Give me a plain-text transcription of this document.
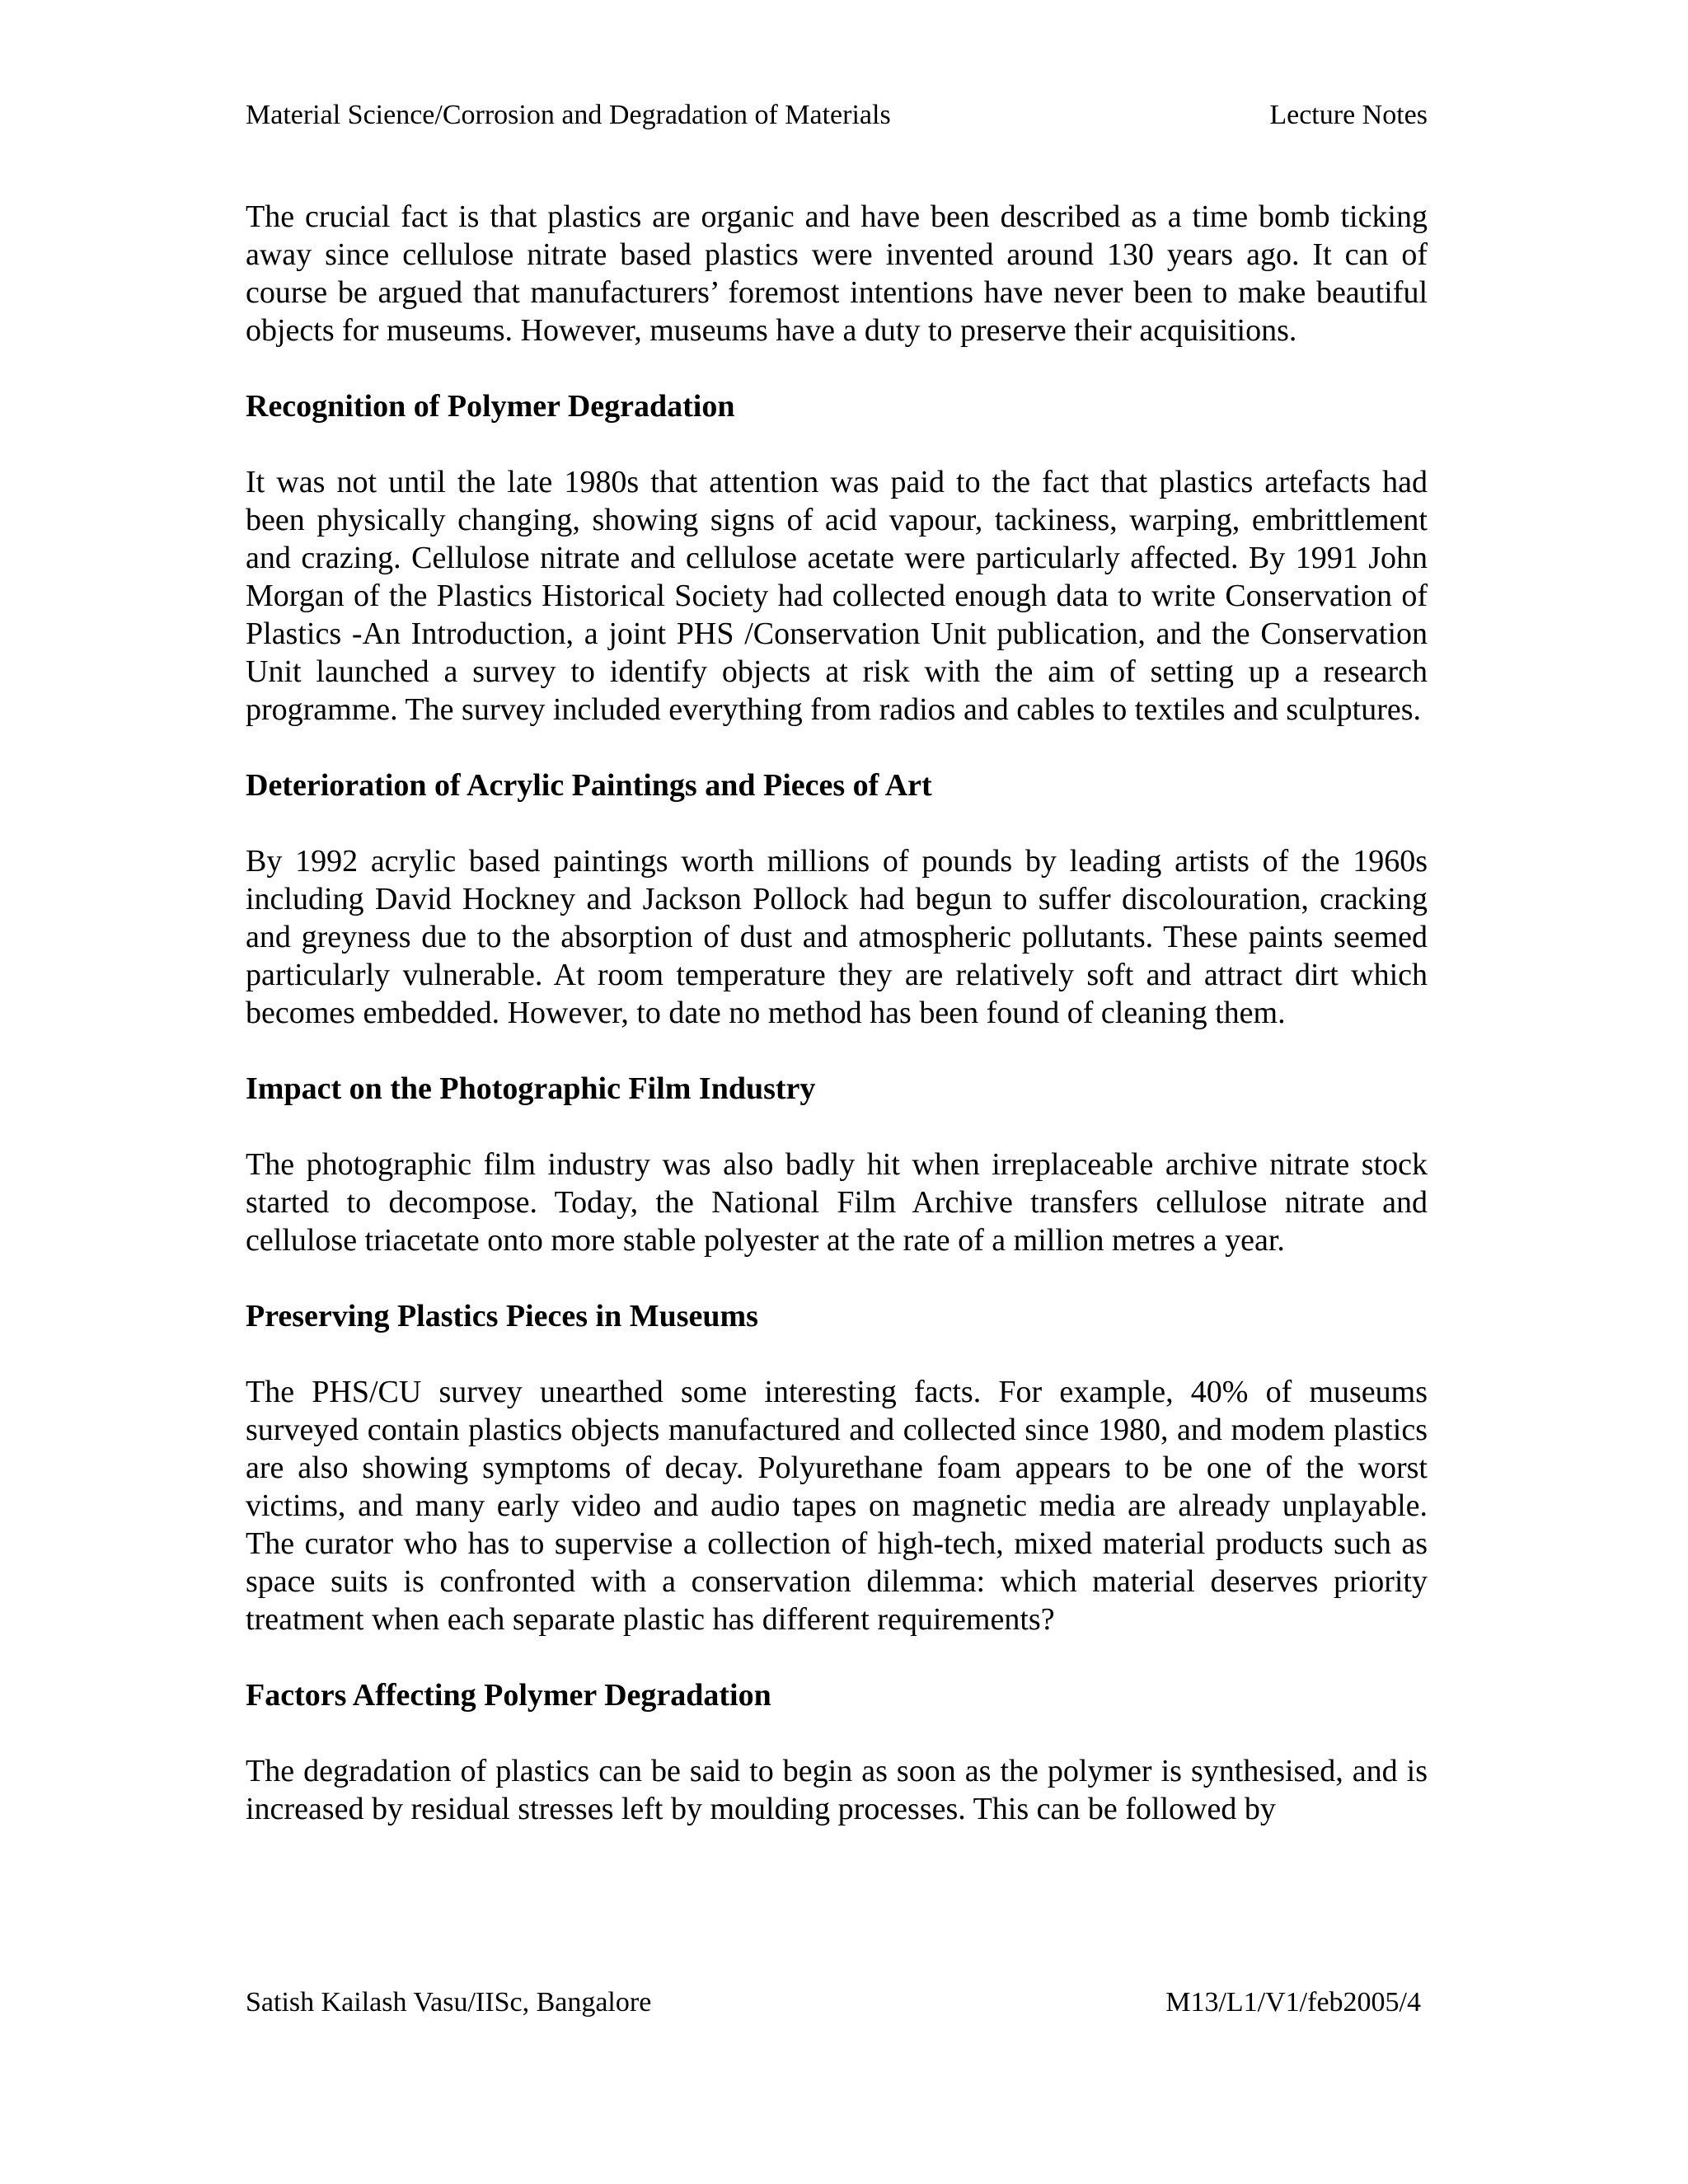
Material Science/Corrosion and Degradation of Materials	Lecture Notes

The crucial fact is that plastics are organic and have been described as a time bomb ticking away since cellulose nitrate based plastics were invented around 130 years ago. It can of course be argued that manufacturers’ foremost intentions have never been to make beautiful objects for museums. However, museums have a duty to preserve their acquisitions.

Recognition of Polymer Degradation

It was not until the late 1980s that attention was paid to the fact that plastics artefacts had been physically changing, showing signs of acid vapour, tackiness, warping, embrittlement and crazing. Cellulose nitrate and cellulose acetate were particularly affected. By 1991 John Morgan of the Plastics Historical Society had collected enough data to write Conservation of Plastics -An Introduction, a joint PHS /Conservation Unit publication, and the Conservation Unit launched a survey to identify objects at risk with the aim of setting up a research programme. The survey included everything from radios and cables to textiles and sculptures.

Deterioration of Acrylic Paintings and Pieces of Art

By 1992 acrylic based paintings worth millions of pounds by leading artists of the 1960s including David Hockney and Jackson Pollock had begun to suffer discolouration, cracking and greyness due to the absorption of dust and atmospheric pollutants. These paints seemed particularly vulnerable. At room temperature they are relatively soft and attract dirt which becomes embedded. However, to date no method has been found of cleaning them.

Impact on the Photographic Film Industry

The photographic film industry was also badly hit when irreplaceable archive nitrate stock started to decompose. Today, the National Film Archive transfers cellulose nitrate and cellulose triacetate onto more stable polyester at the rate of a million metres a year.

Preserving Plastics Pieces in Museums

The PHS/CU survey unearthed some interesting facts. For example, 40% of museums surveyed contain plastics objects manufactured and collected since 1980, and modem plastics are also showing symptoms of decay. Polyurethane foam appears to be one of the worst victims, and many early video and audio tapes on magnetic media are already unplayable. The curator who has to supervise a collection of high-tech, mixed material products such as space suits is confronted with a conservation dilemma: which material deserves priority treatment when each separate plastic has different requirements?

Factors Affecting Polymer Degradation

The degradation of plastics can be said to begin as soon as the polymer is synthesised, and is increased by residual stresses left by moulding processes. This can be followed by

Satish Kailash Vasu/IISc, Bangalore	M13/L1/V1/feb2005/4
